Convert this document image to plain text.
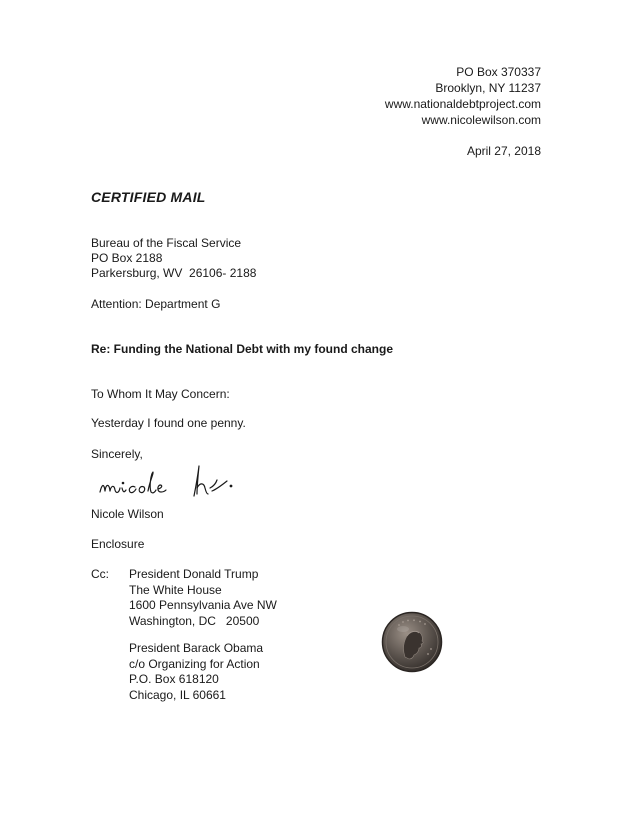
PO Box 370337
Brooklyn, NY 11237
www.nationaldebtproject.com
www.nicolewilson.com
April 27, 2018
CERTIFIED MAIL
Bureau of the Fiscal Service
PO Box 2188
Parkersburg, WV  26106- 2188
Attention: Department G
Re: Funding the National Debt with my found change
To Whom It May Concern:
Yesterday I found one penny.
Sincerely,
Nicole Wilson
Enclosure
Cc: President Donald Trump
The White House
1600 Pennsylvania Ave NW
Washington, DC   20500
President Barack Obama
c/o Organizing for Action
P.O. Box 618120
Chicago, IL 60661
